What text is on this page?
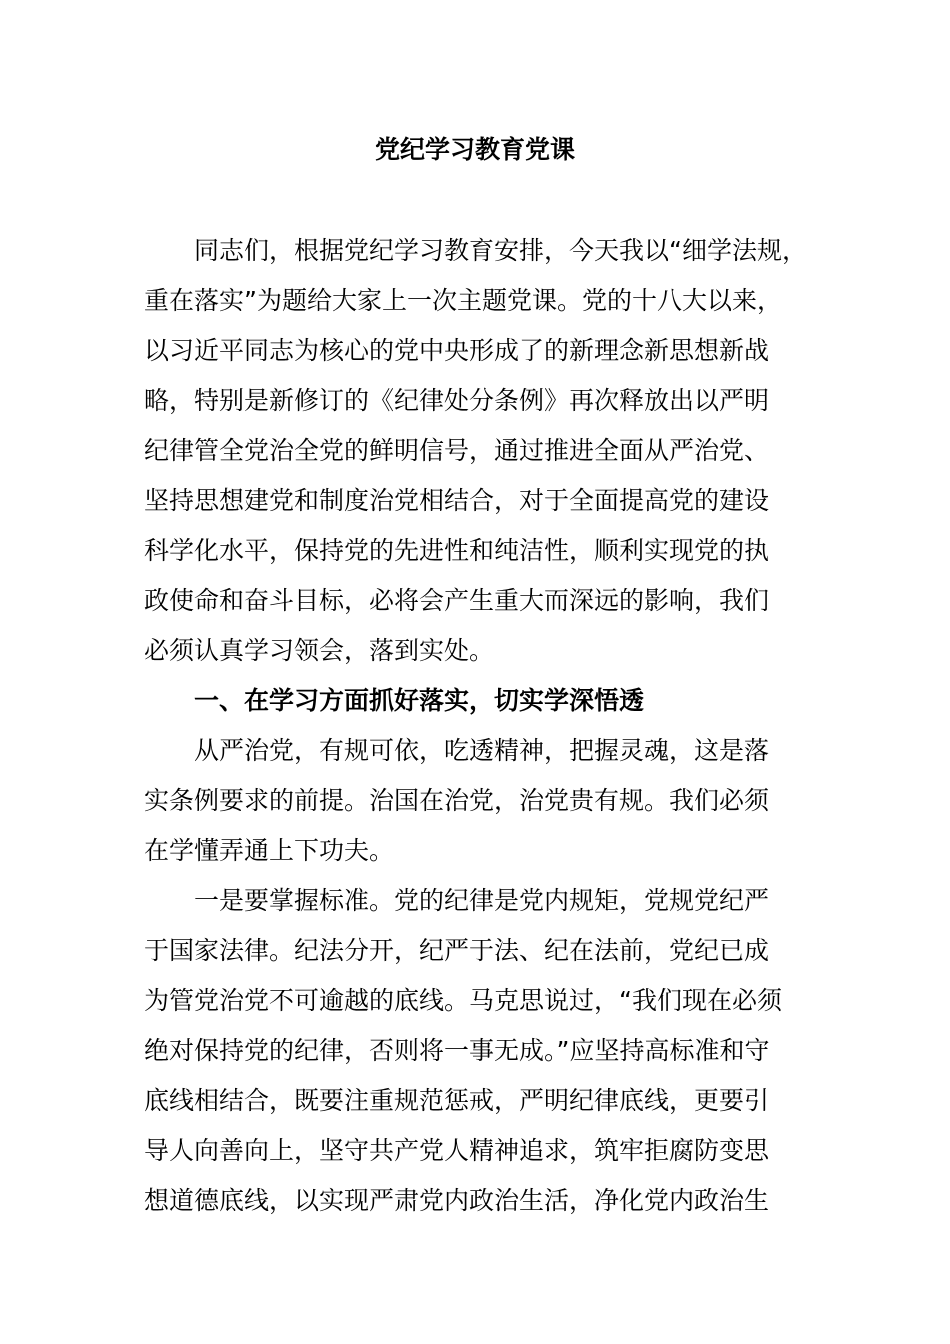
党纪学习教育党课
同志们，根据党纪学习教育安排，今天我以“细学法规，
重在落实”为题给大家上一次主题党课。党的十八大以来，
以习近平同志为核心的党中央形成了的新理念新思想新战
略，特别是新修订的《纪律处分条例》再次释放出以严明
纪律管全党治全党的鲜明信号，通过推进全面从严治党、
坚持思想建党和制度治党相结合，对于全面提高党的建设
科学化水平，保持党的先进性和纯洁性，顺利实现党的执
政使命和奋斗目标，必将会产生重大而深远的影响，我们
必须认真学习领会，落到实处。
一、在学习方面抓好落实，切实学深悟透
从严治党，有规可依，吃透精神，把握灵魂，这是落
实条例要求的前提。治国在治党，治党贵有规。我们必须
在学懂弄通上下功夫。
一是要掌握标准。党的纪律是党内规矩，党规党纪严
于国家法律。纪法分开，纪严于法、纪在法前，党纪已成
为管党治党不可逾越的底线。马克思说过，“我们现在必须
绝对保持党的纪律，否则将一事无成。”应坚持高标准和守
底线相结合，既要注重规范惩戒，严明纪律底线，更要引
导人向善向上，坚守共产党人精神追求，筑牢拒腐防变思
想道德底线，以实现严肃党内政治生活，净化党内政治生
